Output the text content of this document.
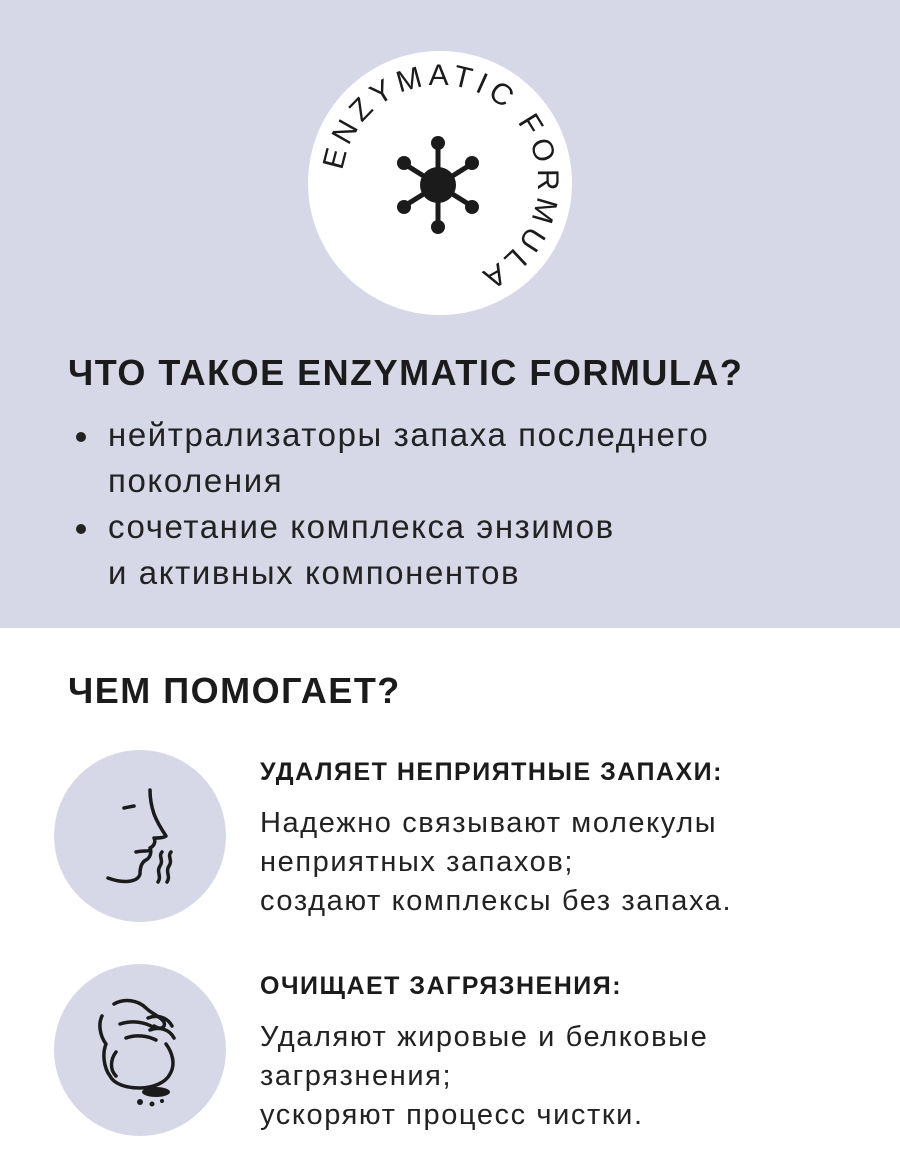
ENZYMATIC FORMULA
ЧТО ТАКОЕ ENZYMATIC FORMULA?
нейтрализаторы запаха последнего
поколения
сочетание комплекса энзимов
и активных компонентов
ЧЕМ ПОМОГАЕТ?
УДАЛЯЕТ НЕПРИЯТНЫЕ ЗАПАХИ:
Надежно связывают молекулы
неприятных запахов;
создают комплексы без запаха.
ОЧИЩАЕТ ЗАГРЯЗНЕНИЯ:
Удаляют жировые и белковые
загрязнения;
ускоряют процесс чистки.
